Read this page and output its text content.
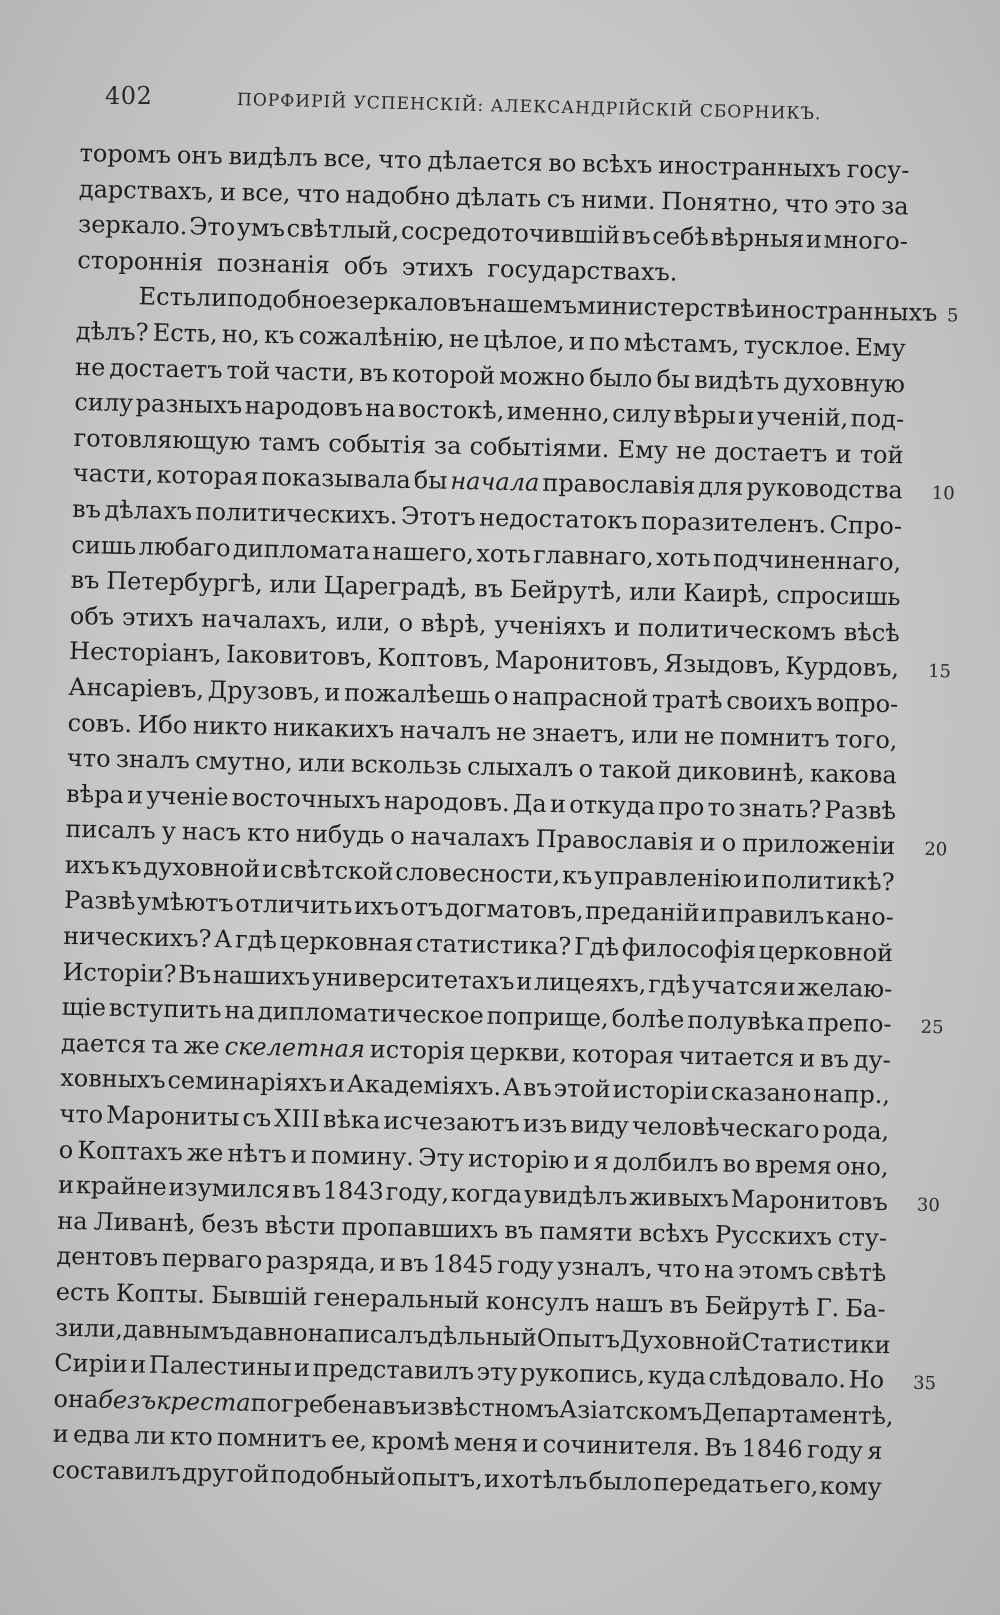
402	ПОРФИРІЙ УСПЕНСКІЙ: АЛЕКСАНДРІЙСКІЙ СБОРНИКЪ.
торомъ онъ видѣлъ все, что дѣлается во всѣхъ иностранныхъ госу-
дарствахъ, и все, что надобно дѣлать съ ними. Понятно, что это за
зеркало. Это умъ свѣтлый, сосредоточившій въ себѣ вѣрныя и много-
стороннія познанія объ этихъ государствахъ.
Есть ли подобное зеркало въ нашемъ министерствѣ иностранныхъ 5
дѣлъ? Есть, но, къ сожалѣнію, не цѣлое, и по мѣстамъ, тусклое. Ему
не достаетъ той части, въ которой можно было бы видѣть духовную
силу разныхъ народовъ на востокѣ, именно, силу вѣры и ученій, под-
готовляющую тамъ событія за событіями. Ему не достаетъ и той
части, которая показывала бы начала православія для руководства 10
въ дѣлахъ политическихъ. Этотъ недостатокъ поразителенъ. Спро-
сишь любаго дипломата нашего, хоть главнаго, хоть подчиненнаго,
въ Петербургѣ, или Цареградѣ, въ Бейрутѣ, или Каирѣ, спросишь
объ этихъ началахъ, или, о вѣрѣ, ученіяхъ и политическомъ вѣсѣ
Несторіанъ, Іаковитовъ, Коптовъ, Маронитовъ, Языдовъ, Курдовъ, 15
Ансаріевъ, Друзовъ, и пожалѣешь о напрасной тратѣ своихъ вопро-
совъ. Ибо никто никакихъ началъ не знаетъ, или не помнитъ того,
что зналъ смутно, или вскользь слыхалъ о такой диковинѣ, какова
вѣра и ученіе восточныхъ народовъ. Да и откуда про то знать? Развѣ
писалъ у насъ кто нибудь о началахъ Православія и о приложеніи 20
ихъ къ духовной и свѣтской словесности, къ управленію и политикѣ?
Развѣ умѣютъ отличить ихъ отъ догматовъ, преданій и правилъ кано-
ническихъ? А гдѣ церковная статистика? Гдѣ философія церковной
Исторіи? Въ нашихъ университетахъ и лицеяхъ, гдѣ учатся и желаю-
щіе вступить на дипломатическое поприще, болѣе полувѣка препо- 25
дается та же скелетная исторія церкви, которая читается и въ ду-
ховныхъ семинаріяхъ и Академіяхъ. А въ этой исторіи сказано напр.,
что Марониты съ XIII вѣка исчезаютъ изъ виду человѣческаго рода,
о Коптахъ же нѣтъ и помину. Эту исторію и я долбилъ во время оно,
и крайне изумился въ 1843 году, когда увидѣлъ живыхъ Маронитовъ 30
на Ливанѣ, безъ вѣсти пропавшихъ въ памяти всѣхъ Русскихъ сту-
дентовъ перваго разряда, и въ 1845 году узналъ, что на этомъ свѣтѣ
есть Копты. Бывшій генеральный консулъ нашъ въ Бейрутѣ Г. Ба-
зили, давнымъ давно написалъ дѣльный Опытъ Духовной Статистики
Сиріи и Палестины и представилъ эту рукопись, куда слѣдовало. Но 35
она безъ креста погребена въ извѣстномъ Азіатскомъ Департаментѣ,
и едва ли кто помнитъ ее, кромѣ меня и сочинителя. Въ 1846 году я
составилъ другой подобный опытъ, и хотѣлъ было передать его, кому
